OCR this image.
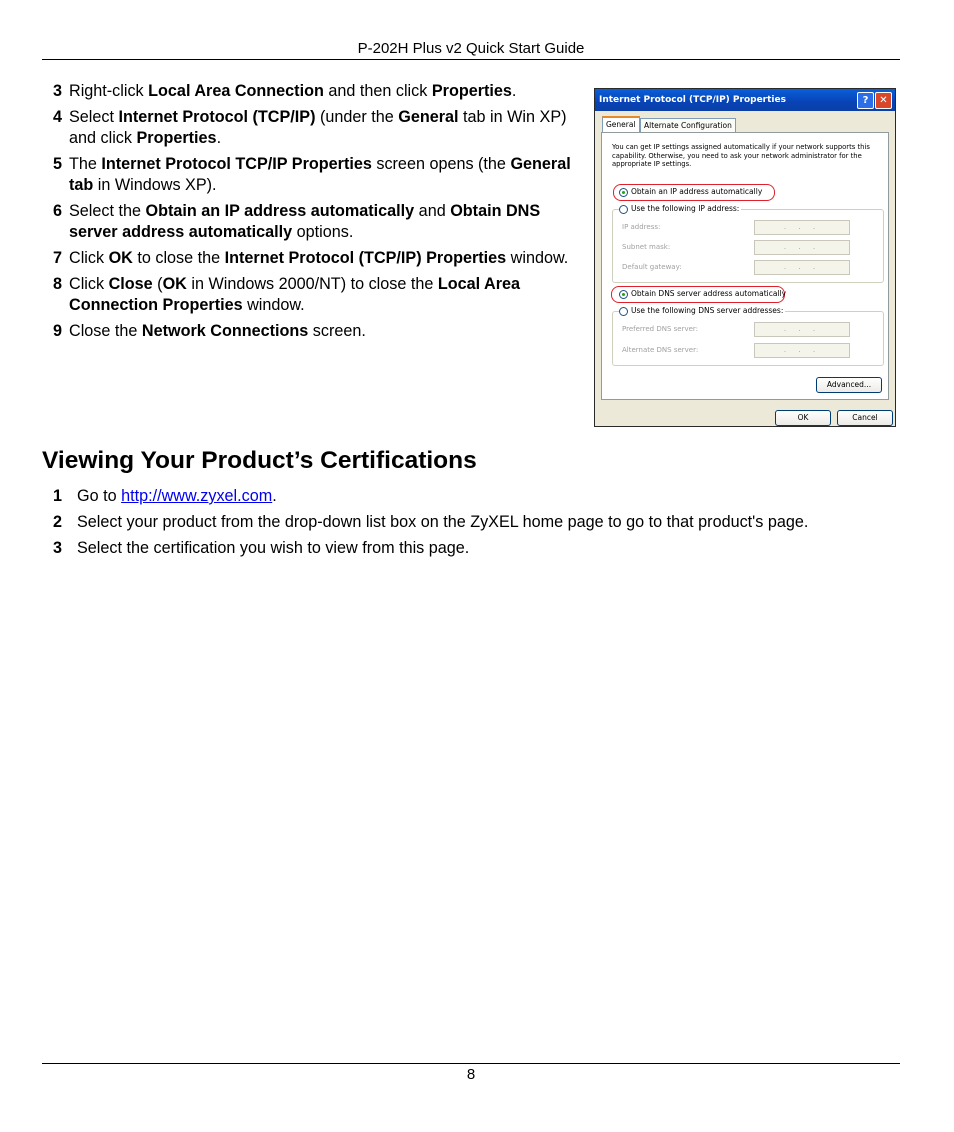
P-202H Plus v2 Quick Start Guide
3 Right-click Local Area Connection and then click Properties.
4 Select Internet Protocol (TCP/IP) (under the General tab in Win XP) and click Properties.
5 The Internet Protocol TCP/IP Properties screen opens (the General tab in Windows XP).
6 Select the Obtain an IP address automatically and Obtain DNS server address automatically options.
7 Click OK to close the Internet Protocol (TCP/IP) Properties window.
8 Click Close (OK in Windows 2000/NT) to close the Local Area Connection Properties window.
9 Close the Network Connections screen.
Internet Protocol (TCP/IP) Properties	?	✕
General	Alternate Configuration
You can get IP settings assigned automatically if your network supports this capability. Otherwise, you need to ask your network administrator for the appropriate IP settings.
Obtain an IP address automatically
Use the following IP address:
IP address:	. . .
Subnet mask:	. . .
Default gateway:	. . .
Obtain DNS server address automatically
Use the following DNS server addresses:
Preferred DNS server:	. . .
Alternate DNS server:	. . .
Advanced...
OK	Cancel
Viewing Your Product’s Certifications
1 Go to http://www.zyxel.com.
2 Select your product from the drop-down list box on the ZyXEL home page to go to that product's page.
3 Select the certification you wish to view from this page.
8
